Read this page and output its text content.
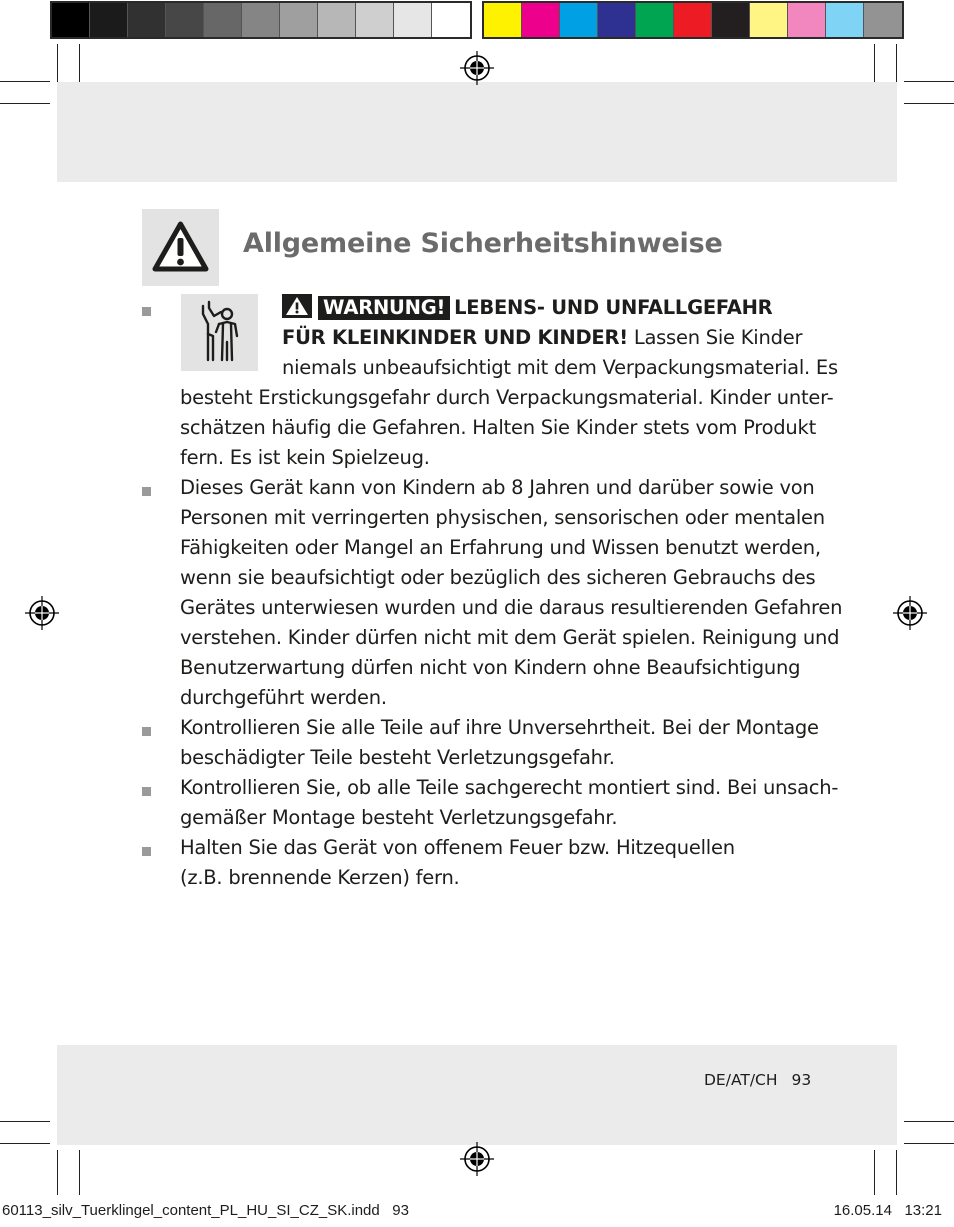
Allgemeine Sicherheitshinweise
WARNUNG! LEBENS- UND UNFALLGEFAHR
FÜR KLEINKINDER UND KINDER! Lassen Sie Kinder
niemals unbeaufsichtigt mit dem Verpackungsmaterial. Es
besteht Erstickungsgefahr durch Verpackungsmaterial. Kinder unter-
schätzen häufig die Gefahren. Halten Sie Kinder stets vom Produkt
fern. Es ist kein Spielzeug.
Dieses Gerät kann von Kindern ab 8 Jahren und darüber sowie von
Personen mit verringerten physischen, sensorischen oder mentalen
Fähigkeiten oder Mangel an Erfahrung und Wissen benutzt werden,
wenn sie beaufsichtigt oder bezüglich des sicheren Gebrauchs des
Gerätes unterwiesen wurden und die daraus resultierenden Gefahren
verstehen. Kinder dürfen nicht mit dem Gerät spielen. Reinigung und
Benutzerwartung dürfen nicht von Kindern ohne Beaufsichtigung
durchgeführt werden.
Kontrollieren Sie alle Teile auf ihre Unversehrtheit. Bei der Montage
beschädigter Teile besteht Verletzungsgefahr.
Kontrollieren Sie, ob alle Teile sachgerecht montiert sind. Bei unsach-
gemäßer Montage besteht Verletzungsgefahr.
Halten Sie das Gerät von offenem Feuer bzw. Hitzequellen
(z.B. brennende Kerzen) fern.
DE/AT/CH 93
60113_silv_Tuerklingel_content_PL_HU_SI_CZ_SK.indd   93	16.05.14   13:21
